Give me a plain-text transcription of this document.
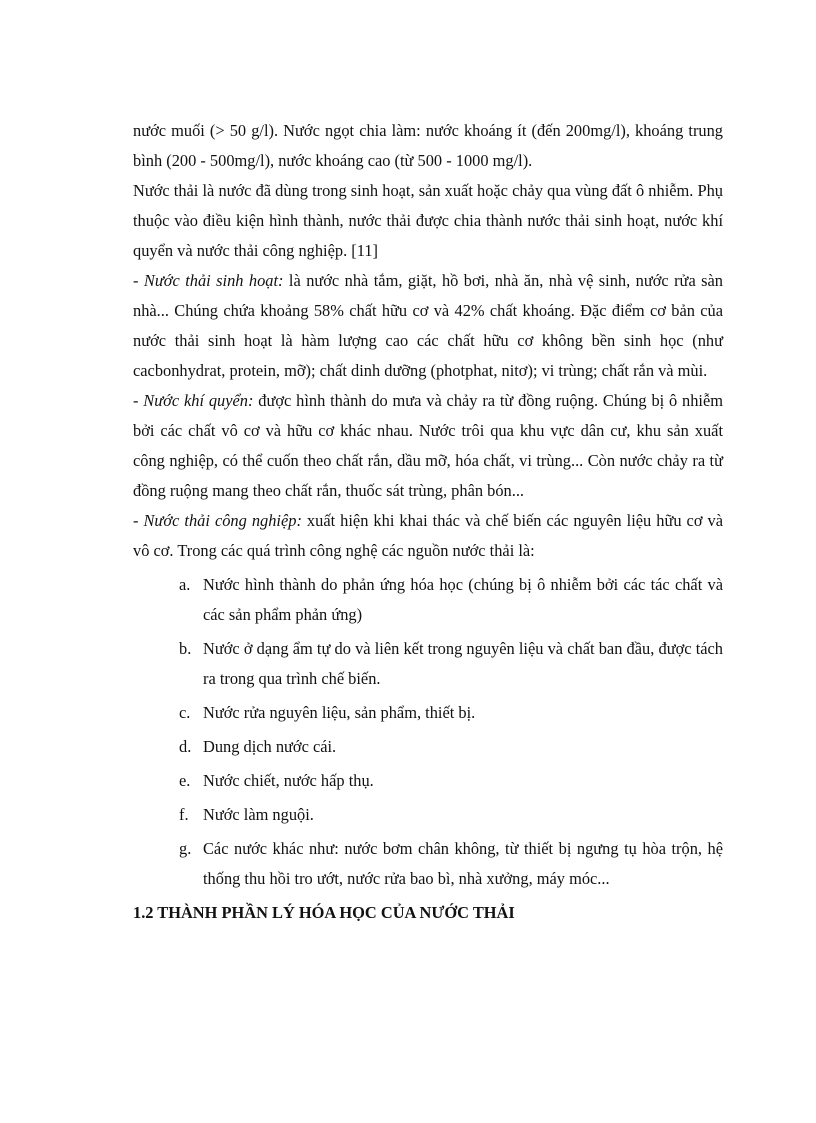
nước muối (> 50 g/l). Nước ngọt chia làm: nước khoáng ít (đến 200mg/l), khoáng trung bình (200 - 500mg/l), nước khoáng cao (từ 500 - 1000 mg/l).

Nước thải là nước đã dùng trong sinh hoạt, sản xuất hoặc chảy qua vùng đất ô nhiễm. Phụ thuộc vào điều kiện hình thành, nước thải được chia thành nước thải sinh hoạt, nước khí quyển và nước thải công nghiệp. [11]

- Nước thải sinh hoạt: là nước nhà tắm, giặt, hồ bơi, nhà ăn, nhà vệ sinh, nước rửa sàn nhà... Chúng chứa khoảng 58% chất hữu cơ và 42% chất khoáng. Đặc điểm cơ bản của nước thải sinh hoạt là hàm lượng cao các chất hữu cơ không bền sinh học (như cacbonhydrat, protein, mỡ); chất dinh dưỡng (photphat, nitơ); vi trùng; chất rắn và mùi.

- Nước khí quyển: được hình thành do mưa và chảy ra từ đồng ruộng. Chúng bị ô nhiễm bởi các chất vô cơ và hữu cơ khác nhau. Nước trôi qua khu vực dân cư, khu sản xuất công nghiệp, có thể cuốn theo chất rắn, dầu mỡ, hóa chất, vi trùng... Còn nước chảy ra từ đồng ruộng mang theo chất rắn, thuốc sát trùng, phân bón...

- Nước thải công nghiệp: xuất hiện khi khai thác và chế biến các nguyên liệu hữu cơ và vô cơ. Trong các quá trình công nghệ các nguồn nước thải là:

a. Nước hình thành do phản ứng hóa học (chúng bị ô nhiễm bởi các tác chất và các sản phẩm phản ứng)
b. Nước ở dạng ẩm tự do và liên kết trong nguyên liệu và chất ban đầu, được tách ra trong qua trình chế biến.
c. Nước rửa nguyên liệu, sản phẩm, thiết bị.
d. Dung dịch nước cái.
e. Nước chiết, nước hấp thụ.
f. Nước làm nguội.
g. Các nước khác như: nước bơm chân không, từ thiết bị ngưng tụ hòa trộn, hệ thống thu hồi tro ướt, nước rửa bao bì, nhà xưởng, máy móc...
1.2 THÀNH PHẦN LÝ HÓA HỌC CỦA NƯỚC THẢI
